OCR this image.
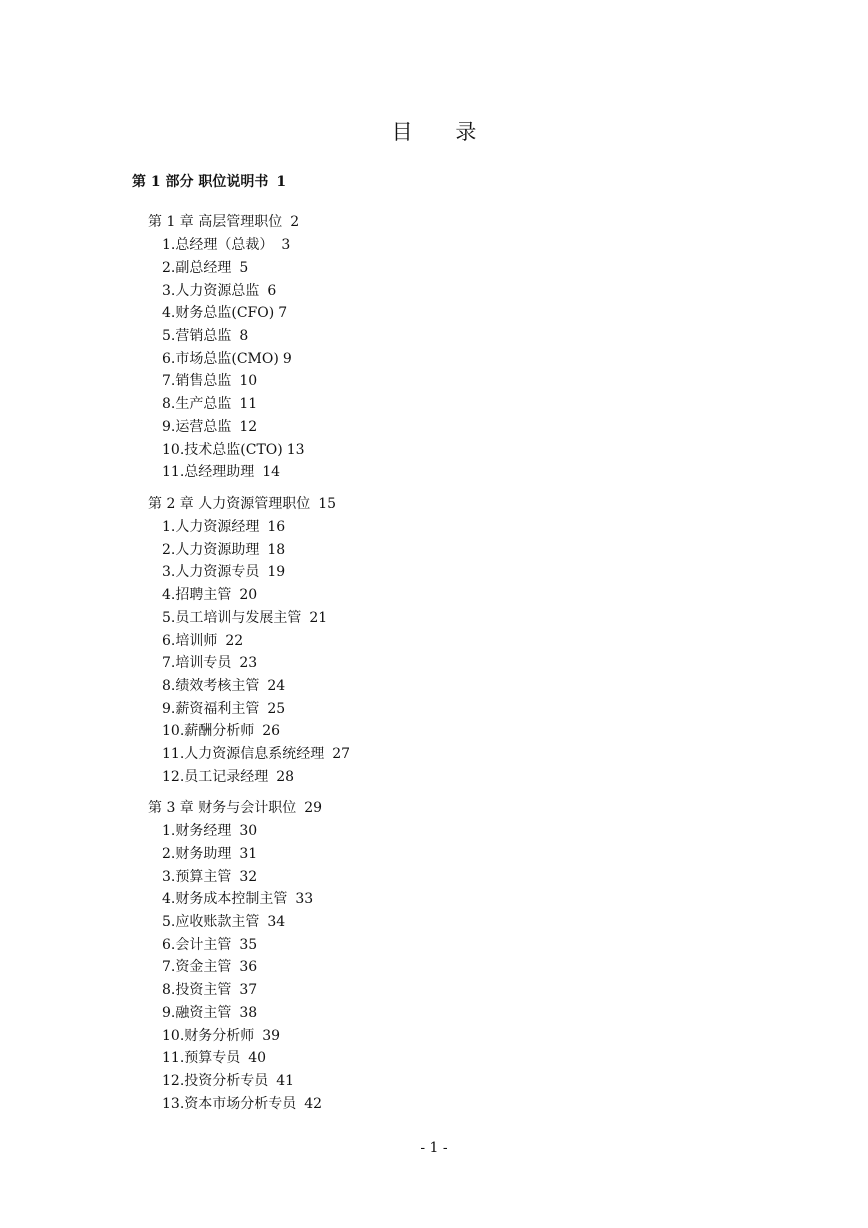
目 录
第 1 部分 职位说明书 1
第 1 章 高层管理职位 2
1.总经理（总裁） 3
2.副总经理 5
3.人力资源总监 6
4.财务总监(CFO) 7
5.营销总监 8
6.市场总监(CMO) 9
7.销售总监 10
8.生产总监 11
9.运营总监 12
10.技术总监(CTO) 13
11.总经理助理 14
第 2 章 人力资源管理职位 15
1.人力资源经理 16
2.人力资源助理 18
3.人力资源专员 19
4.招聘主管 20
5.员工培训与发展主管 21
6.培训师 22
7.培训专员 23
8.绩效考核主管 24
9.薪资福利主管 25
10.薪酬分析师 26
11.人力资源信息系统经理 27
12.员工记录经理 28
第 3 章 财务与会计职位 29
1.财务经理 30
2.财务助理 31
3.预算主管 32
4.财务成本控制主管 33
5.应收账款主管 34
6.会计主管 35
7.资金主管 36
8.投资主管 37
9.融资主管 38
10.财务分析师 39
11.预算专员 40
12.投资分析专员 41
13.资本市场分析专员 42
- 1 -
